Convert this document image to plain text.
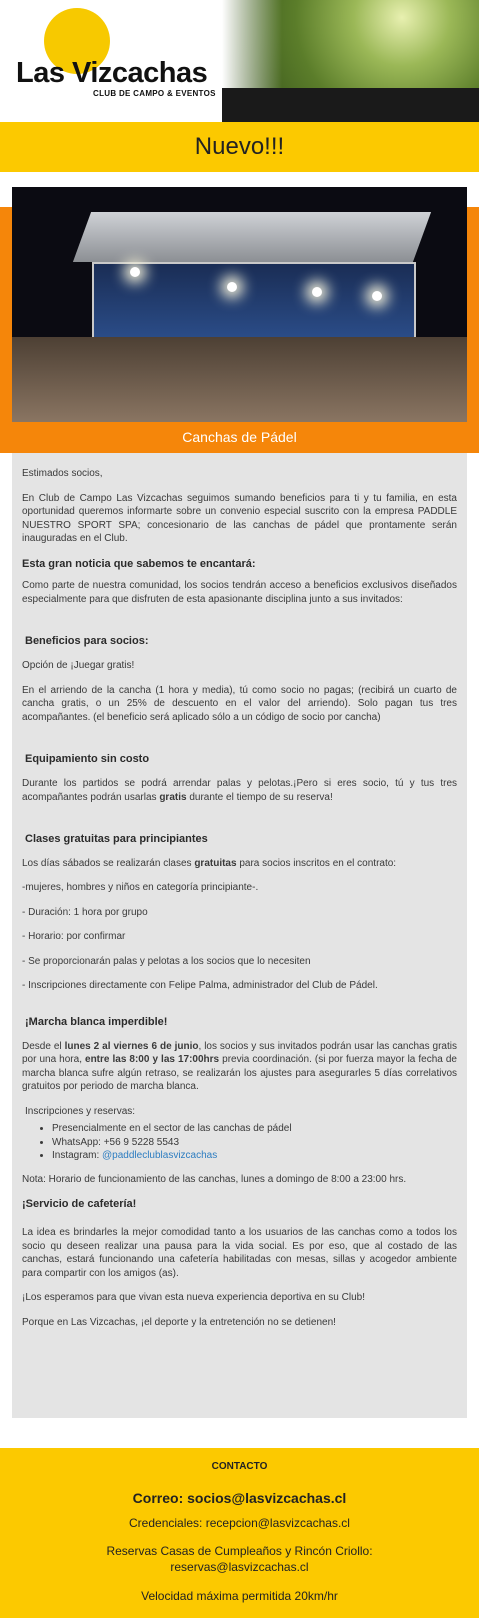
Las Vizcachas
CLUB DE CAMPO & EVENTOS
Nuevo!!!
Canchas de Pádel

Estimados socios,

En Club de Campo Las Vizcachas seguimos sumando beneficios para ti y tu familia, en esta oportunidad queremos informarte sobre un convenio especial suscrito con la empresa PADDLE NUESTRO SPORT SPA; concesionario de las canchas de pádel que prontamente serán inauguradas en el Club.

Esta gran noticia que sabemos te encantará:

Como parte de nuestra comunidad, los socios tendrán acceso a beneficios exclusivos diseñados especialmente para que disfruten de esta apasionante disciplina junto a sus invitados:

Beneficios para socios:

Opción de ¡Juegar gratis!

En el arriendo de la cancha (1 hora y media), tú como socio no pagas; (recibirá un cuarto de cancha gratis, o un 25% de descuento en el valor del arriendo). Solo pagan tus tres acompañantes. (el beneficio será aplicado sólo a un código de socio por cancha)

Equipamiento sin costo

Durante los partidos se podrá arrendar palas y pelotas.¡Pero si eres socio, tú y tus tres acompañantes podrán usarlas gratis durante el tiempo de su reserva!

Clases gratuitas para principiantes

Los días sábados se realizarán clases gratuitas para socios inscritos en el contrato:

-mujeres, hombres y niños en categoría principiante-.

- Duración: 1 hora por grupo

- Horario: por confirmar

- Se proporcionarán palas y pelotas a los socios que lo necesiten

- Inscripciones directamente con Felipe Palma, administrador del Club de Pádel.

¡Marcha blanca imperdible!

Desde el lunes 2 al viernes 6 de junio, los socios y sus invitados podrán usar las canchas gratis por una hora, entre las 8:00 y las 17:00hrs previa coordinación. (si por fuerza mayor la fecha de marcha blanca sufre algún retraso, se realizarán los ajustes para asegurarles 5 días correlativos gratuitos por periodo de marcha blanca.

Inscripciones y reservas:

• Presencialmente en el sector de las canchas de pádel
• WhatsApp: +56 9 5228 5543
• Instagram: @paddleclublasvizcachas

Nota: Horario de funcionamiento de las canchas, lunes a domingo de 8:00 a 23:00 hrs.

¡Servicio de cafetería!

La idea es brindarles la mejor comodidad tanto a los usuarios de las canchas como a todos los socio qu deseen realizar una pausa para la vida social. Es por eso, que al costado de las canchas, estará funcionando una cafetería habilitadas con mesas, sillas y acogedor ambiente para compartir con los amigos (as).

¡Los esperamos para que vivan esta nueva experiencia deportiva en su Club!

Porque en Las Vizcachas, ¡el deporte y la entretención no se detienen!

CONTACTO
Correo: socios@lasvizcachas.cl
Credenciales: recepcion@lasvizcachas.cl
Reservas Casas de Cumpleaños y Rincón Criollo:
reservas@lasvizcachas.cl
Velocidad máxima permitida 20km/hr
